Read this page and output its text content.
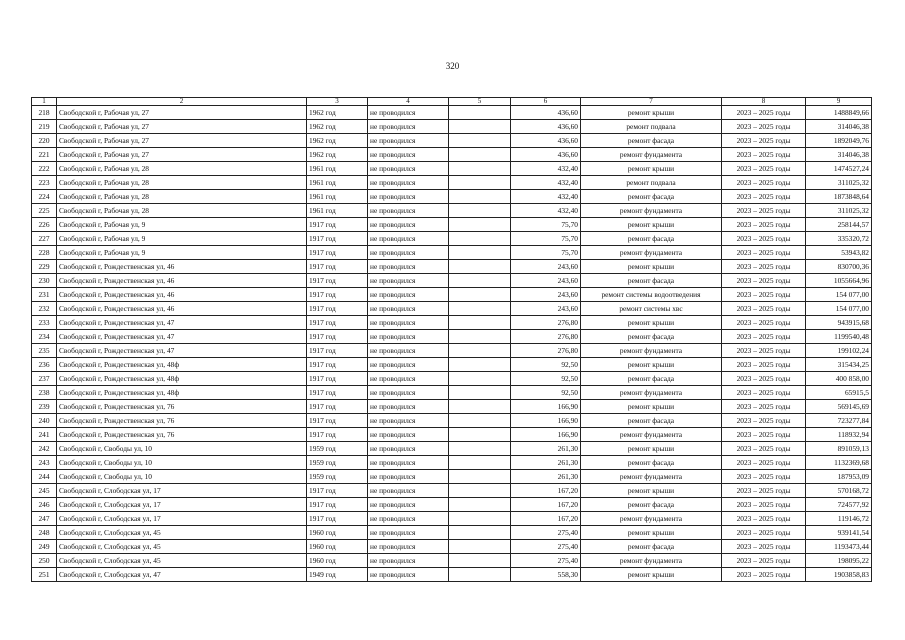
320
1	2	3	4	5	6	7	8	9
218	Свободской г, Рабочая ул, 27	1962 год	не проводился		436,60	ремонт крыши	2023 – 2025 годы	1488849,66
219	Свободской г, Рабочая ул, 27	1962 год	не проводился		436,60	ремонт подвала	2023 – 2025 годы	314046,38
220	Свободской г, Рабочая ул, 27	1962 год	не проводился		436,60	ремонт фасада	2023 – 2025 годы	1892049,76
221	Свободской г, Рабочая ул, 27	1962 год	не проводился		436,60	ремонт фундамента	2023 – 2025 годы	314046,38
222	Свободской г, Рабочая ул, 28	1961 год	не проводился		432,40	ремонт крыши	2023 – 2025 годы	1474527,24
223	Свободской г, Рабочая ул, 28	1961 год	не проводился		432,40	ремонт подвала	2023 – 2025 годы	311025,32
224	Свободской г, Рабочая ул, 28	1961 год	не проводился		432,40	ремонт фасада	2023 – 2025 годы	1873848,64
225	Свободской г, Рабочая ул, 28	1961 год	не проводился		432,40	ремонт фундамента	2023 – 2025 годы	311025,32
226	Свободской г, Рабочая ул, 9	1917 год	не проводился		75,70	ремонт крыши	2023 – 2025 годы	258144,57
227	Свободской г, Рабочая ул, 9	1917 год	не проводился		75,70	ремонт фасада	2023 – 2025 годы	335320,72
228	Свободской г, Рабочая ул, 9	1917 год	не проводился		75,70	ремонт фундамента	2023 – 2025 годы	53943,82
229	Свободской г, Рождественская ул, 46	1917 год	не проводился		243,60	ремонт крыши	2023 – 2025 годы	830700,36
230	Свободской г, Рождественская ул, 46	1917 год	не проводился		243,60	ремонт фасада	2023 – 2025 годы	1055664,96
231	Свободской г, Рождественская ул, 46	1917 год	не проводился		243,60	ремонт системы водоотведения	2023 – 2025 годы	154 077,00
232	Свободской г, Рождественская ул, 46	1917 год	не проводился		243,60	ремонт системы хвс	2023 – 2025 годы	154 077,00
233	Свободской г, Рождественская ул, 47	1917 год	не проводился		276,80	ремонт крыши	2023 – 2025 годы	943915,68
234	Свободской г, Рождественская ул, 47	1917 год	не проводился		276,80	ремонт фасада	2023 – 2025 годы	1199540,48
235	Свободской г, Рождественская ул, 47	1917 год	не проводился		276,80	ремонт фундамента	2023 – 2025 годы	199102,24
236	Свободской г, Рождественская ул, 48ф	1917 год	не проводился		92,50	ремонт крыши	2023 – 2025 годы	315434,25
237	Свободской г, Рождественская ул, 48ф	1917 год	не проводился		92,50	ремонт фасада	2023 – 2025 годы	400 858,00
238	Свободской г, Рождественская ул, 48ф	1917 год	не проводился		92,50	ремонт фундамента	2023 – 2025 годы	65915,5
239	Свободской г, Рождественская ул, 76	1917 год	не проводился		166,90	ремонт крыши	2023 – 2025 годы	569145,69
240	Свободской г, Рождественская ул, 76	1917 год	не проводился		166,90	ремонт фасада	2023 – 2025 годы	723277,84
241	Свободской г, Рождественская ул, 76	1917 год	не проводился		166,90	ремонт фундамента	2023 – 2025 годы	118932,94
242	Свободской г, Свободы ул, 10	1959 год	не проводился		261,30	ремонт крыши	2023 – 2025 годы	891059,13
243	Свободской г, Свободы ул, 10	1959 год	не проводился		261,30	ремонт фасада	2023 – 2025 годы	1132369,68
244	Свободской г, Свободы ул, 10	1959 год	не проводился		261,30	ремонт фундамента	2023 – 2025 годы	187953,09
245	Свободской г, Слободская ул, 17	1917 год	не проводился		167,20	ремонт крыши	2023 – 2025 годы	570168,72
246	Свободской г, Слободская ул, 17	1917 год	не проводился		167,20	ремонт фасада	2023 – 2025 годы	724577,92
247	Свободской г, Слободская ул, 17	1917 год	не проводился		167,20	ремонт фундамента	2023 – 2025 годы	119146,72
248	Свободской г, Слободская ул, 45	1960 год	не проводился		275,40	ремонт крыши	2023 – 2025 годы	939141,54
249	Свободской г, Слободская ул, 45	1960 год	не проводился		275,40	ремонт фасада	2023 – 2025 годы	1193473,44
250	Свободской г, Слободская ул, 45	1960 год	не проводился		275,40	ремонт фундамента	2023 – 2025 годы	198095,22
251	Свободской г, Слободская ул, 47	1949 год	не проводился		558,30	ремонт крыши	2023 – 2025 годы	1903858,83
